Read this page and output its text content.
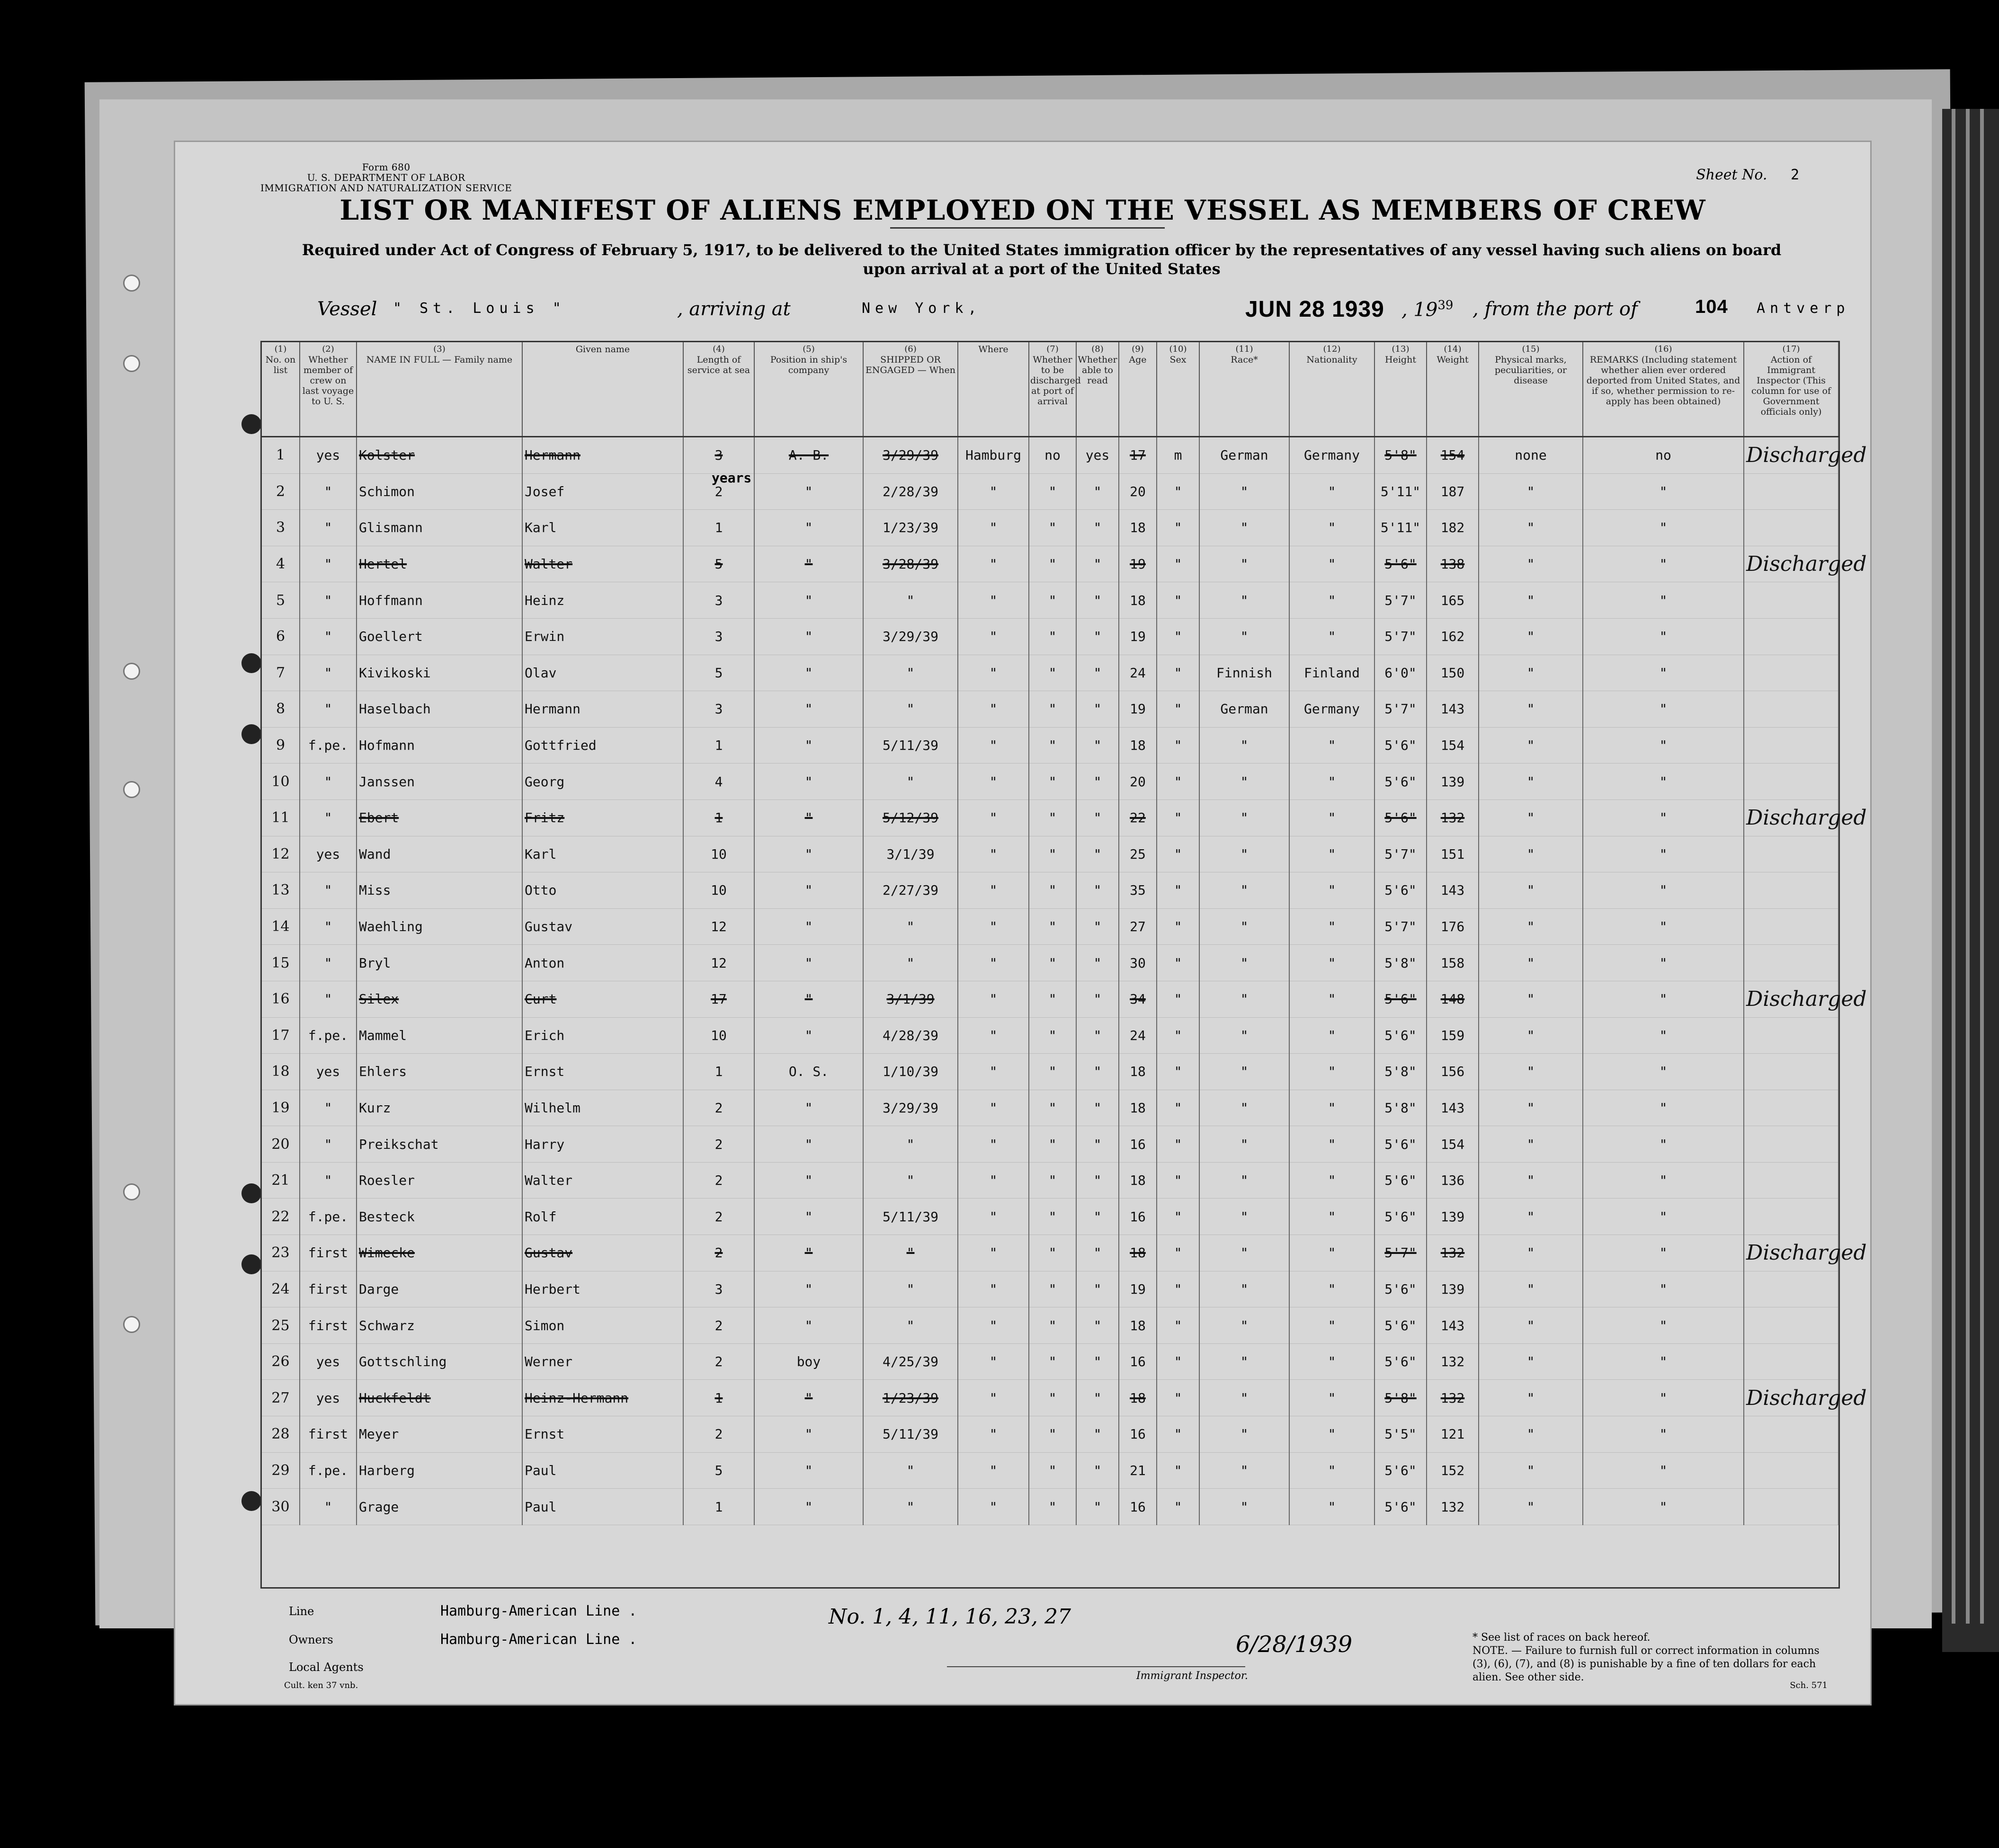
Form 680
U. S. DEPARTMENT OF LABOR
IMMIGRATION AND NATURALIZATION SERVICE
Sheet No. 2
LIST OR MANIFEST OF ALIENS EMPLOYED ON THE VESSEL AS MEMBERS OF CREW
Required under Act of Congress of February 5, 1917, to be delivered to the United States immigration officer by the representatives of any vessel having such aliens on board upon arrival at a port of the United States
Vessel " St. Louis "	, arriving at	New York,	JUN 28 1939 , $19^{39}$ , from the port of	104 Antverp
(1)
No. on list	(2)
Whether member of crew on last voyage to U. S.	(3)
NAME IN FULL — Family name	Given name	(4)
Length of service at sea	(5)
Position in ship's company	(6)
SHIPPED OR ENGAGED — When	Where	(7)
Whether to be discharged at port of arrival	(8)
Whether able to read	(9)
Age	(10)
Sex	(11)
Race*	(12)
Nationality	(13)
Height	(14)
Weight	(15)
Physical marks, peculiarities, or disease	(16)
REMARKS (Including statement whether alien ever ordered deported from United States, and if so, whether permission to re-apply has been obtained)	(17)
Action of Immigrant Inspector (This column for use of Government officials only)
1	yes	Kolster	Hermann	3	A. B.	3/29/39	Hamburg	no	yes	17	m	German	Germany	5'8"	154	none	no	Discharged
2	"	Schimon	Josef	2	"	2/28/39	"	"	"	20	"	"	"	5'11"	187	"	"	
3	"	Glismann	Karl	1	"	1/23/39	"	"	"	18	"	"	"	5'11"	182	"	"	
4	"	Hertel	Walter	5	"	3/28/39	"	"	"	19	"	"	"	5'6"	138	"	"	Discharged
5	"	Hoffmann	Heinz	3	"	"	"	"	"	18	"	"	"	5'7"	165	"	"	
6	"	Goellert	Erwin	3	"	3/29/39	"	"	"	19	"	"	"	5'7"	162	"	"	
7	"	Kivikoski	Olav	5	"	"	"	"	"	24	"	Finnish	Finland	6'0"	150	"	"	
8	"	Haselbach	Hermann	3	"	"	"	"	"	19	"	German	Germany	5'7"	143	"	"	
9	f.pe.	Hofmann	Gottfried	1	"	5/11/39	"	"	"	18	"	"	"	5'6"	154	"	"	
10	"	Janssen	Georg	4	"	"	"	"	"	20	"	"	"	5'6"	139	"	"	
11	"	Ebert	Fritz	1	"	5/12/39	"	"	"	22	"	"	"	5'6"	132	"	"	Discharged
12	yes	Wand	Karl	10	"	3/1/39	"	"	"	25	"	"	"	5'7"	151	"	"	
13	"	Miss	Otto	10	"	2/27/39	"	"	"	35	"	"	"	5'6"	143	"	"	
14	"	Waehling	Gustav	12	"	"	"	"	"	27	"	"	"	5'7"	176	"	"	
15	"	Bryl	Anton	12	"	"	"	"	"	30	"	"	"	5'8"	158	"	"	
16	"	Silex	Curt	17	"	3/1/39	"	"	"	34	"	"	"	5'6"	148	"	"	Discharged
17	f.pe.	Mammel	Erich	10	"	4/28/39	"	"	"	24	"	"	"	5'6"	159	"	"	
18	yes	Ehlers	Ernst	1	O. S.	1/10/39	"	"	"	18	"	"	"	5'8"	156	"	"	
19	"	Kurz	Wilhelm	2	"	3/29/39	"	"	"	18	"	"	"	5'8"	143	"	"	
20	"	Preikschat	Harry	2	"	"	"	"	"	16	"	"	"	5'6"	154	"	"	
21	"	Roesler	Walter	2	"	"	"	"	"	18	"	"	"	5'6"	136	"	"	
22	f.pe.	Besteck	Rolf	2	"	5/11/39	"	"	"	16	"	"	"	5'6"	139	"	"	
23	first	Wimecke	Gustav	2	"	"	"	"	"	18	"	"	"	5'7"	132	"	"	Discharged
24	first	Darge	Herbert	3	"	"	"	"	"	19	"	"	"	5'6"	139	"	"	
25	first	Schwarz	Simon	2	"	"	"	"	"	18	"	"	"	5'6"	143	"	"	
26	yes	Gottschling	Werner	2	boy	4/25/39	"	"	"	16	"	"	"	5'6"	132	"	"	
27	yes	Huckfeldt	Heinz-Hermann	1	"	1/23/39	"	"	"	18	"	"	"	5'8"	132	"	"	Discharged
28	first	Meyer	Ernst	2	"	5/11/39	"	"	"	16	"	"	"	5'5"	121	"	"	
29	f.pe.	Harberg	Paul	5	"	"	"	"	"	21	"	"	"	5'6"	152	"	"	
30	"	Grage	Paul	1	"	"	"	"	"	16	"	"	"	5'6"	132	"	"	
years
Line	Hamburg-American Line .
Owners	Hamburg-American Line .
Local Agents
No. 1, 4, 11, 16, 23, 27
6/28/1939
Immigrant Inspector.
* See list of races on back hereof.
NOTE. — Failure to furnish full or correct information in columns (3), (6), (7), and (8) is punishable by a fine of ten dollars for each alien. See other side.
Cult. ken 37 vnb.	Sch. 571
